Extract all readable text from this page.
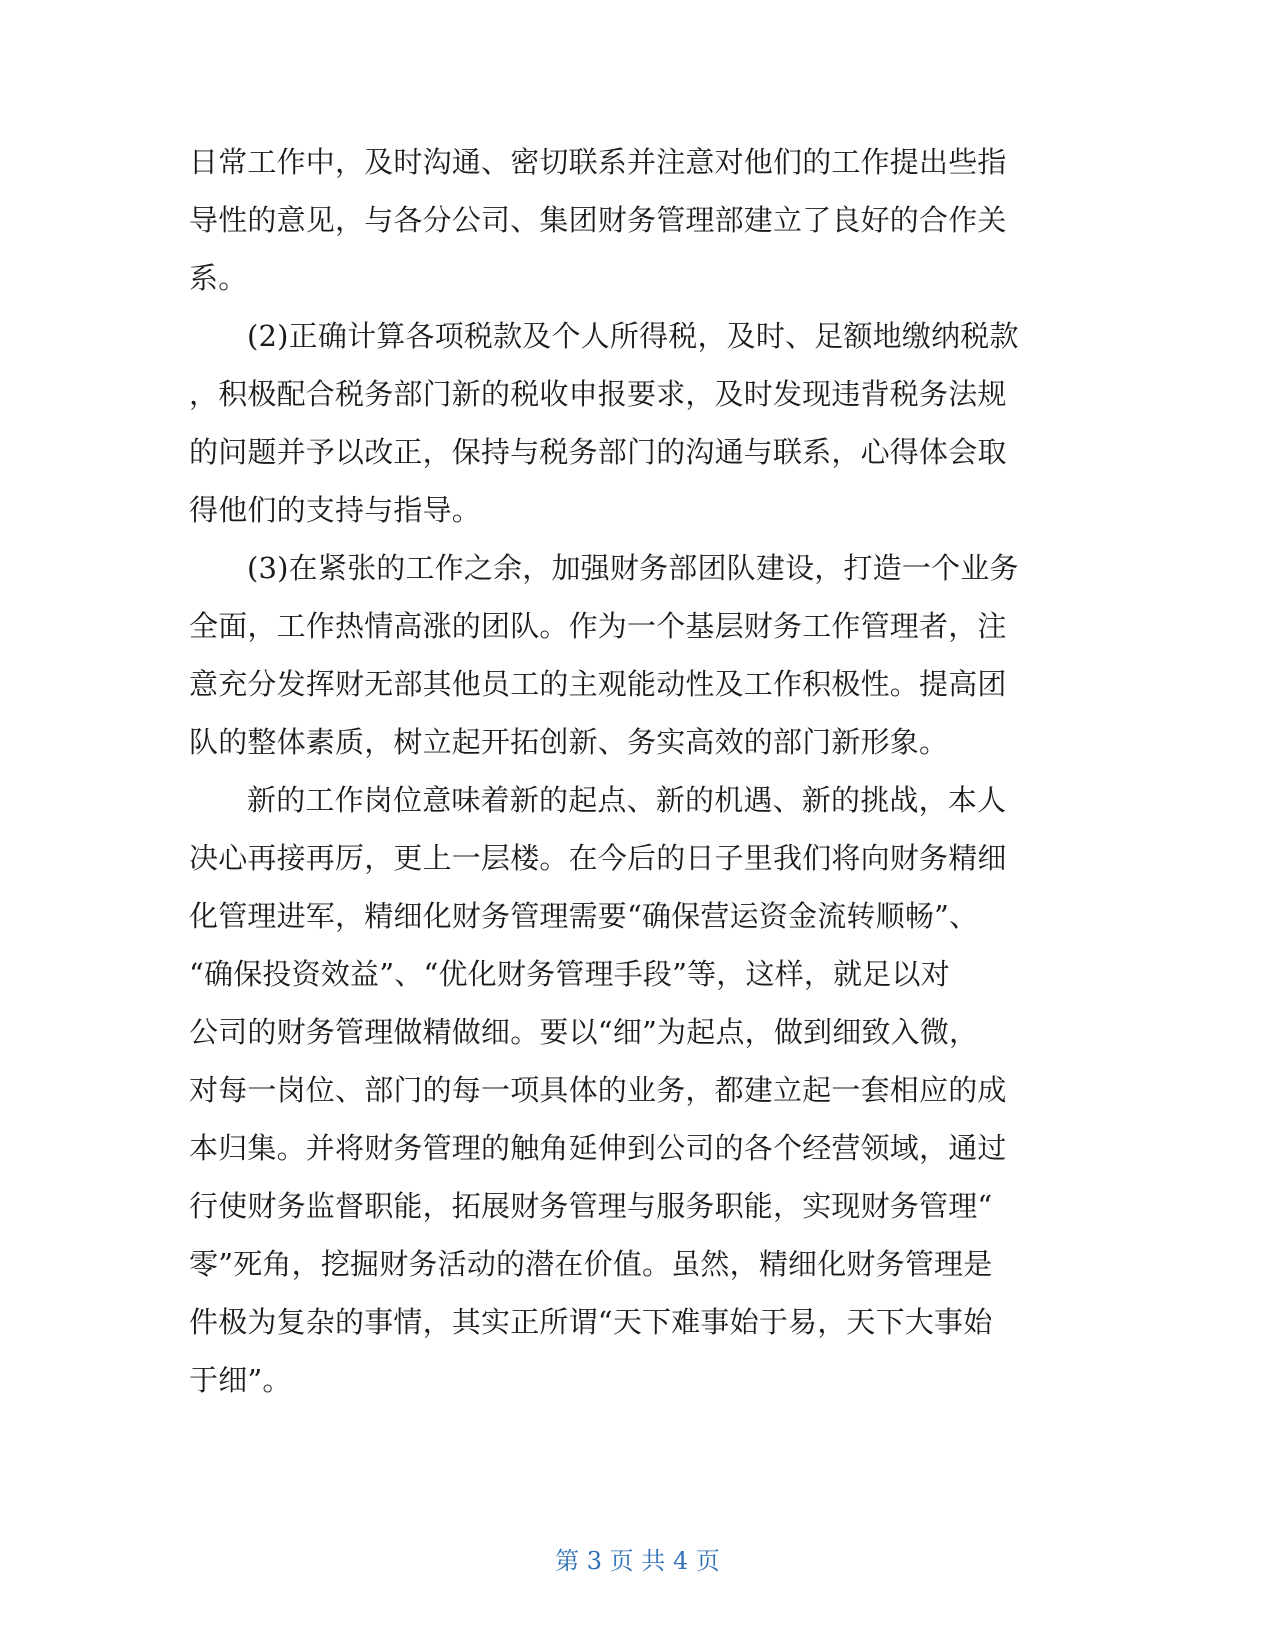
日常工作中，及时沟通、密切联系并注意对他们的工作提出些指
导性的意见，与各分公司、集团财务管理部建立了良好的合作关
系。
(2)正确计算各项税款及个人所得税，及时、足额地缴纳税款
，积极配合税务部门新的税收申报要求，及时发现违背税务法规
的问题并予以改正，保持与税务部门的沟通与联系，心得体会取
得他们的支持与指导。
(3)在紧张的工作之余，加强财务部团队建设，打造一个业务
全面，工作热情高涨的团队。作为一个基层财务工作管理者，注
意充分发挥财无部其他员工的主观能动性及工作积极性。提高团
队的整体素质，树立起开拓创新、务实高效的部门新形象。
新的工作岗位意味着新的起点、新的机遇、新的挑战，本人
决心再接再厉，更上一层楼。在今后的日子里我们将向财务精细
化管理进军，精细化财务管理需要“确保营运资金流转顺畅”、
“确保投资效益”、“优化财务管理手段”等，这样，就足以对
公司的财务管理做精做细。要以“细”为起点，做到细致入微，
对每一岗位、部门的每一项具体的业务，都建立起一套相应的成
本归集。并将财务管理的触角延伸到公司的各个经营领域，通过
行使财务监督职能，拓展财务管理与服务职能，实现财务管理“
零”死角，挖掘财务活动的潜在价值。虽然，精细化财务管理是
件极为复杂的事情，其实正所谓“天下难事始于易，天下大事始
于细”。
第 3 页 共 4 页
